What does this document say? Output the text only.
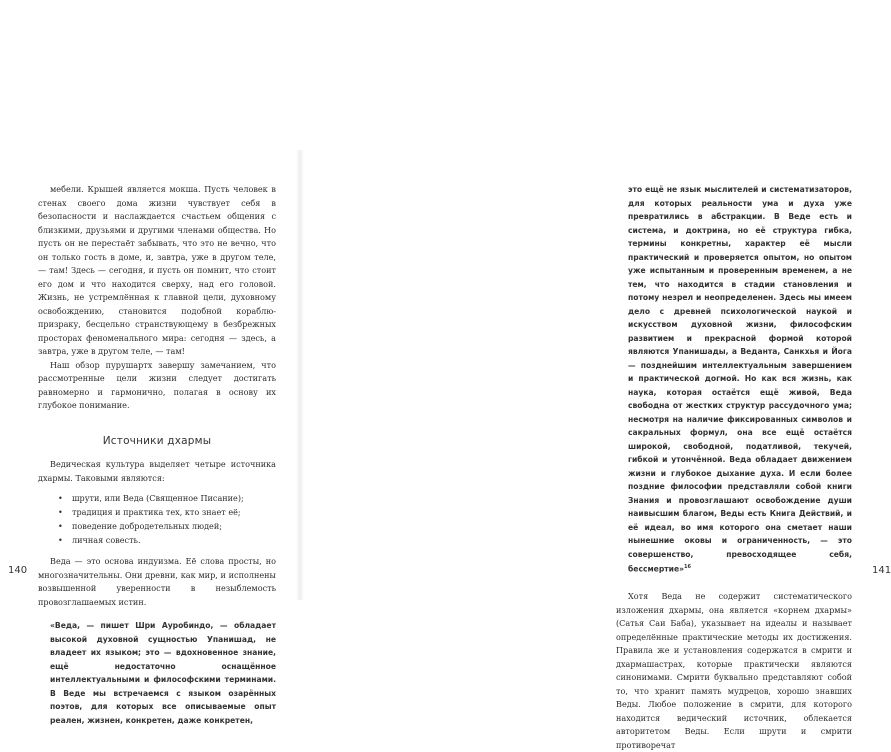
мебели. Крышей является мокша. Пусть человек в стенах своего дома жизни чувствует себя в безопасности и наслаждается счастьем общения с близкими, друзьями и другими членами общества. Но пусть он не перестаёт забывать, что это не вечно, что он только гость в доме, и, завтра, уже в другом теле, — там! Здесь — сегодня, и пусть он помнит, что стоит его дом и что находится сверху, над его головой. Жизнь, не устремлённая к главной цели, духовному освобождению, становится подобной кораблю-призраку, бесцельно странствующему в безбрежных просторах феноменального мира: сегодня — здесь, а завтра, уже в другом теле, — там!

Наш обзор пурушартх завершу замечанием, что рассмотренные цели жизни следует достигать равномерно и гармонично, полагая в основу их глубокое понимание.

Источники дхармы

Ведическая культура выделяет четыре источника дхармы. Таковыми являются:

• шрути, или Веда (Священное Писание);
• традиция и практика тех, кто знает её;
• поведение добродетельных людей;
• личная совесть.

Веда — это основа индуизма. Её слова просты, но многозначительны. Они древни, как мир, и исполнены возвышенной уверенности в незыблемость провозглашаемых истин.

«Веда, — пишет Шри Ауробиндо, — обладает высокой духовной сущностью Упанишад, не владеет их языком; это — вдохновенное знание, ещё недостаточно оснащённое интеллектуальными и философскими терминами. В Веде мы встречаемся с языком озарённых поэтов, для которых все описываемые опыт реален, жизнен, конкретен, даже конкретен,

140

это ещё не язык мыслителей и систематизаторов, для которых реальности ума и духа уже превратились в абстракции. В Веде есть и система, и доктрина, но её структура гибка, термины конкретны, характер её мысли практический и проверяется опытом, но опытом уже испытанным и проверенным временем, а не тем, что находится в стадии становления и потому незрел и неопределенен. Здесь мы имеем дело с древней психологической наукой и искусством духовной жизни, философским развитием и прекрасной формой которой являются Упанишады, а Веданта, Санкхья и Йога — позднейшим интеллектуальным завершением и практической догмой. Но как вся жизнь, как наука, которая остаётся ещё живой, Веда свободна от жестких структур рассудочного ума; несмотря на наличие фиксированных символов и сакральных формул, она все ещё остаётся широкой, свободной, податливой, текучей, гибкой и утончённой. Веда обладает движением жизни и глубокое дыхание духа. И если более поздние философии представляли собой книги Знания и провозглашают освобождение души наивысшим благом, Веды есть Книга Действий, и её идеал, во имя которого она сметает наши нынешние оковы и ограниченность, — это совершенство, превосходящее себя, бессмертие»$^{16}$

Хотя Веда не содержит систематического изложения дхармы, она является «корнем дхармы» (Сатья Саи Баба), указывает на идеалы и называет определённые практические методы их достижения. Правила же и установления содержатся в смрити и дхармашастрах, которые практически являются синонимами. Смрити буквально представляют собой то, что хранит память мудрецов, хорошо знавших Веды. Любое положение в смрити, для которого находится ведический источник, облекается авторитетом Веды. Если шрути и смрити противоречат

141
